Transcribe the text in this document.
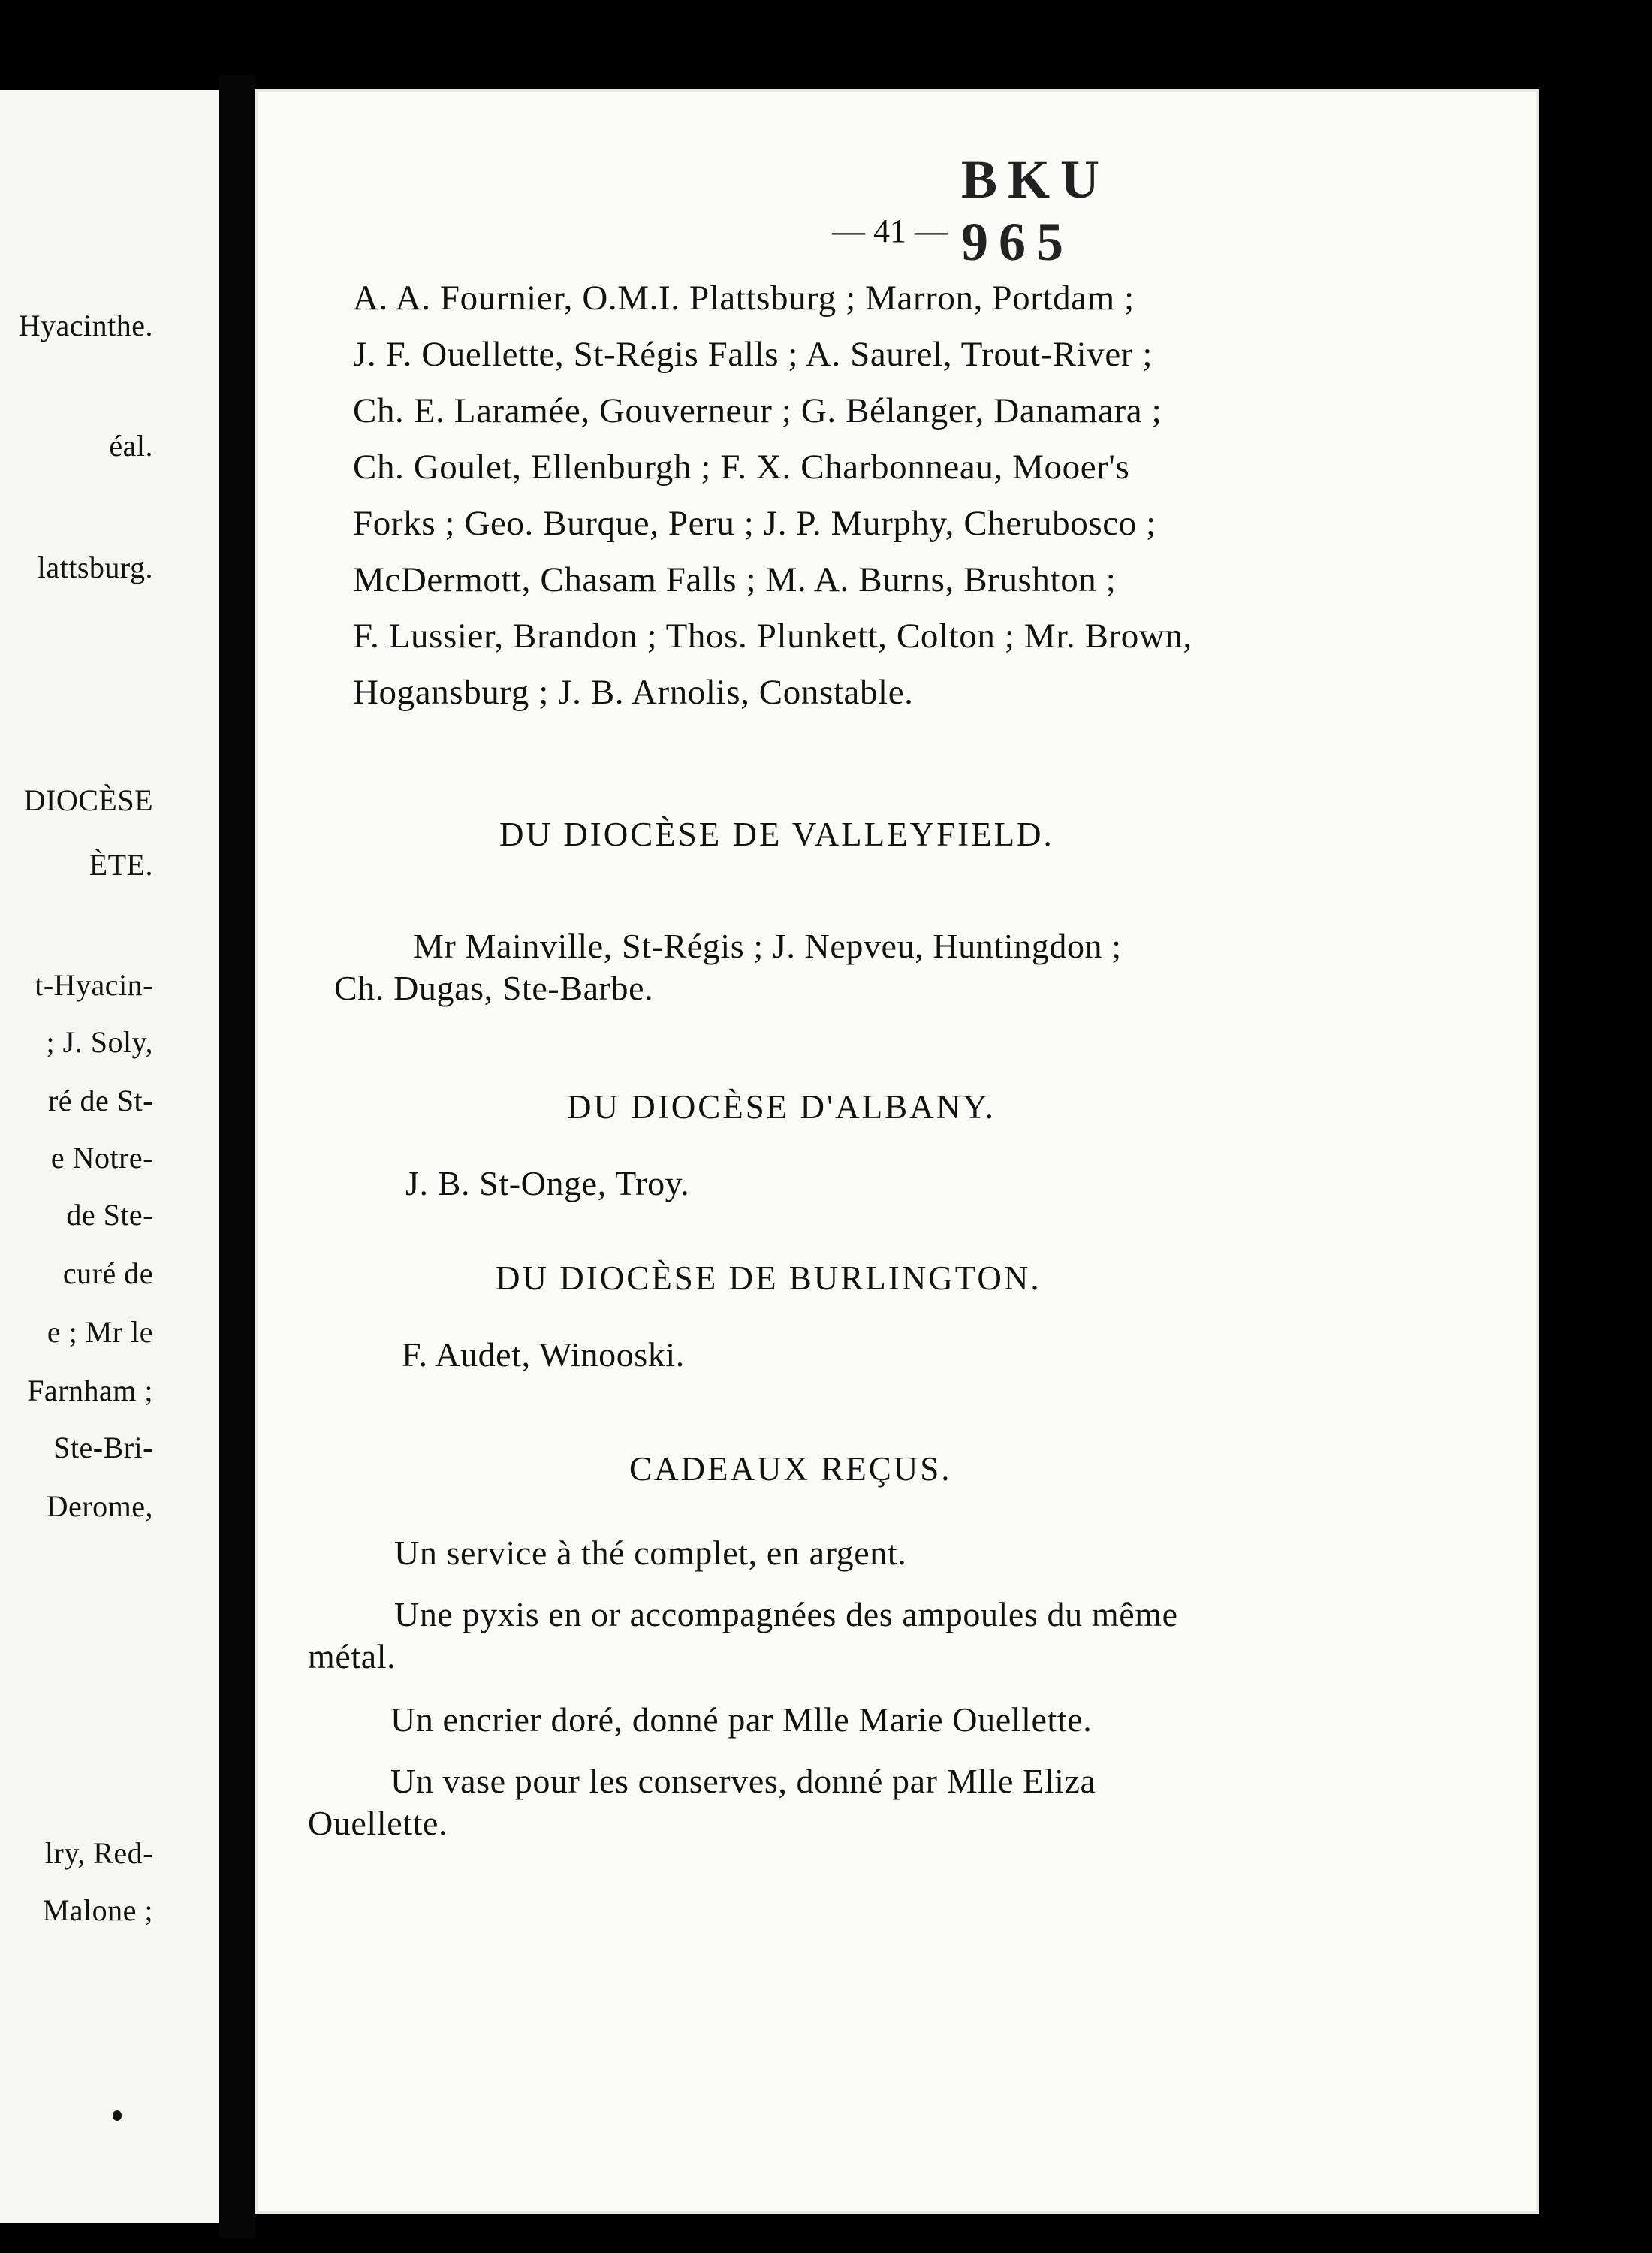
Hyacinthe.
éal.
lattsburg.
DIOCÈSE
ÈTE.
t-Hyacin-
; J. Soly,
ré de St-
e Notre-
de Ste-
curé de
e ; Mr le
Farnham ;
Ste-Bri-
Derome,
lry, Red-
Malone ;
BKU 965
— 41 —
A. A. Fournier, O.M.I. Plattsburg ; Marron, Portdam ;
J. F. Ouellette, St-Régis Falls ; A. Saurel, Trout-River ;
Ch. E. Laramée, Gouverneur ; G. Bélanger, Danamara ;
Ch. Goulet, Ellenburgh ; F. X. Charbonneau, Mooer's
Forks ; Geo. Burque, Peru ; J. P. Murphy, Cherubosco ;
McDermott, Chasam Falls ; M. A. Burns, Brushton ;
F. Lussier, Brandon ; Thos. Plunkett, Colton ; Mr. Brown,
Hogansburg ; J. B. Arnolis, Constable.
DU DIOCÈSE DE VALLEYFIELD.
Mr Mainville, St-Régis ; J. Nepveu, Huntingdon ;
Ch. Dugas, Ste-Barbe.
DU DIOCÈSE D'ALBANY.
J. B. St-Onge, Troy.
DU DIOCÈSE DE BURLINGTON.
F. Audet, Winooski.
CADEAUX REÇUS.
Un service à thé complet, en argent.
Une pyxis en or accompagnées des ampoules du même
métal.
Un encrier doré, donné par Mlle Marie Ouellette.
Un vase pour les conserves, donné par Mlle Eliza
Ouellette.
